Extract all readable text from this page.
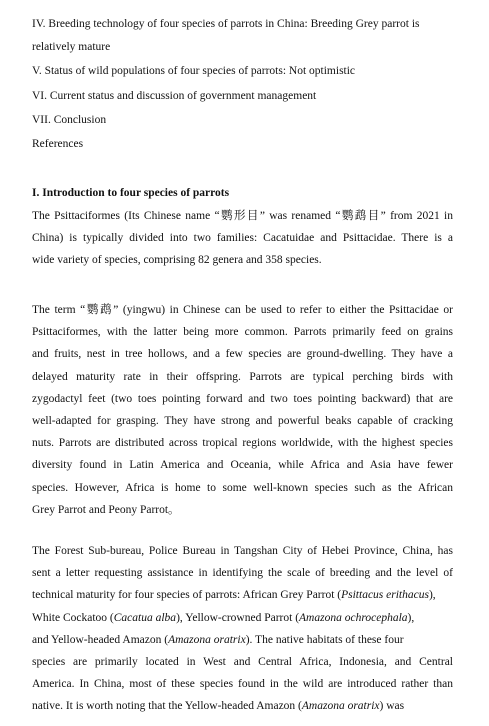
IV. Breeding technology of four species of parrots in China: Breeding Grey parrot is
relatively mature
V. Status of wild populations of four species of parrots: Not optimistic
VI. Current status and discussion of government management
VII. Conclusion
References
I. Introduction to four species of parrots
The Psittaciformes (Its Chinese name “鹦形目” was renamed “鹦鹉目” from 2021 in
China) is typically divided into two families: Cacatuidae and Psittacidae. There is a
wide variety of species, comprising 82 genera and 358 species.
The term “鹦鹉” (yingwu) in Chinese can be used to refer to either the Psittacidae or
Psittaciformes, with the latter being more common. Parrots primarily feed on grains
and fruits, nest in tree hollows, and a few species are ground-dwelling. They have a
delayed maturity rate in their offspring. Parrots are typical perching birds with
zygodactyl feet (two toes pointing forward and two toes pointing backward) that are
well-adapted for grasping. They have strong and powerful beaks capable of cracking
nuts. Parrots are distributed across tropical regions worldwide, with the highest species
diversity found in Latin America and Oceania, while Africa and Asia have fewer
species. However, Africa is home to some well-known species such as the African
Grey Parrot and Peony Parrot。
The Forest Sub-bureau, Police Bureau in Tangshan City of Hebei Province, China, has
sent a letter requesting assistance in identifying the scale of breeding and the level of
technical maturity for four species of parrots: African Grey Parrot ( Psittacus erithacus ),
White Cockatoo ( Cacatua alba ), Yellow-crowned Parrot ( Amazona ochrocephala ),
and Yellow-headed Amazon ( Amazona oratrix ). The native habitats of these four
species are primarily located in West and Central Africa, Indonesia, and Central
America. In China, most of these species found in the wild are introduced rather than
native. It is worth noting that the Yellow-headed Amazon ( Amazona oratrix ) was
